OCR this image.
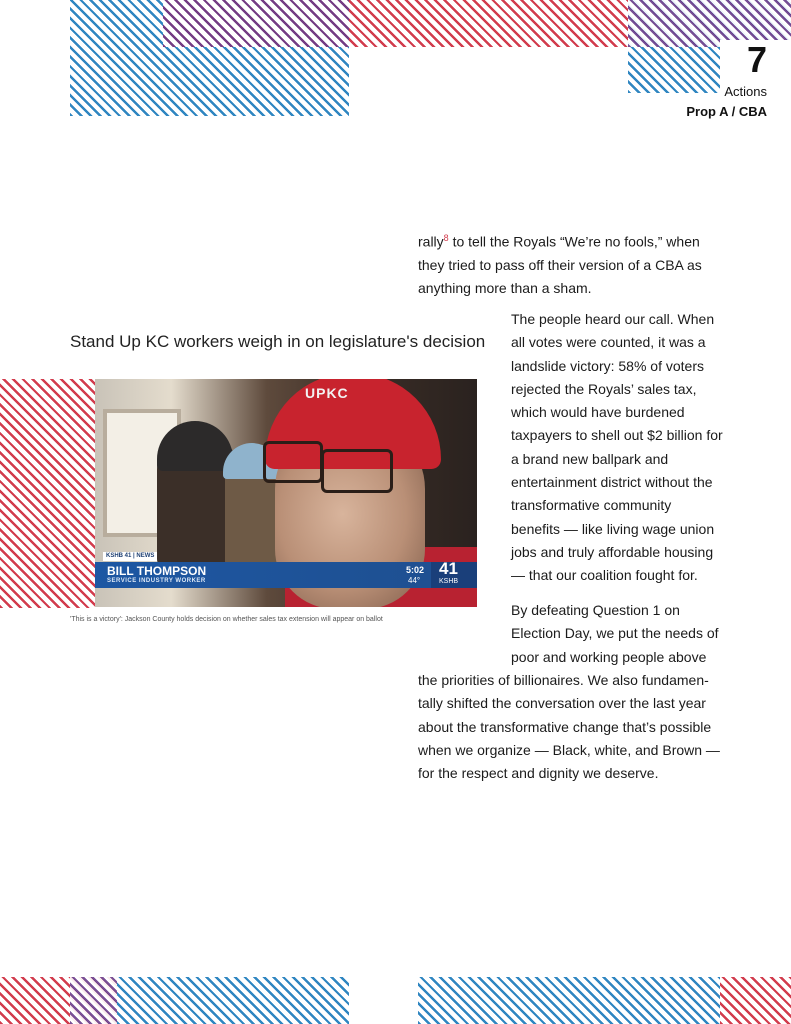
7
Actions
Prop A / CBA

rally$^8$ to tell the Royals “We’re no fools,” when they tried to pass off their version of a CBA as anything more than a sham.

The people heard our call. When all votes were counted, it was a landslide victory: 58% of voters rejected the Royals’ sales tax, which would have burdened taxpayers to shell out $2 billion for a brand new ballpark and entertainment district without the transformative community benefits — like living wage union jobs and truly affordable housing — that our coalition fought for.

By defeating Question 1 on Election Day, we put the needs of poor and working people above

the priorities of billionaires. We also fundamen-tally shifted the conversation over the last year about the transformative change that’s possible when we organize — Black, white, and Brown — for the respect and dignity we deserve.

Stand Up KC workers weigh in on legislature's decision
UPKC
KSHB 41 | NEWS
BILL THOMPSON
SERVICE INDUSTRY WORKER
5:02
44°
41
KSHB
'This is a victory': Jackson County holds decision on whether sales tax extension will appear on ballot
